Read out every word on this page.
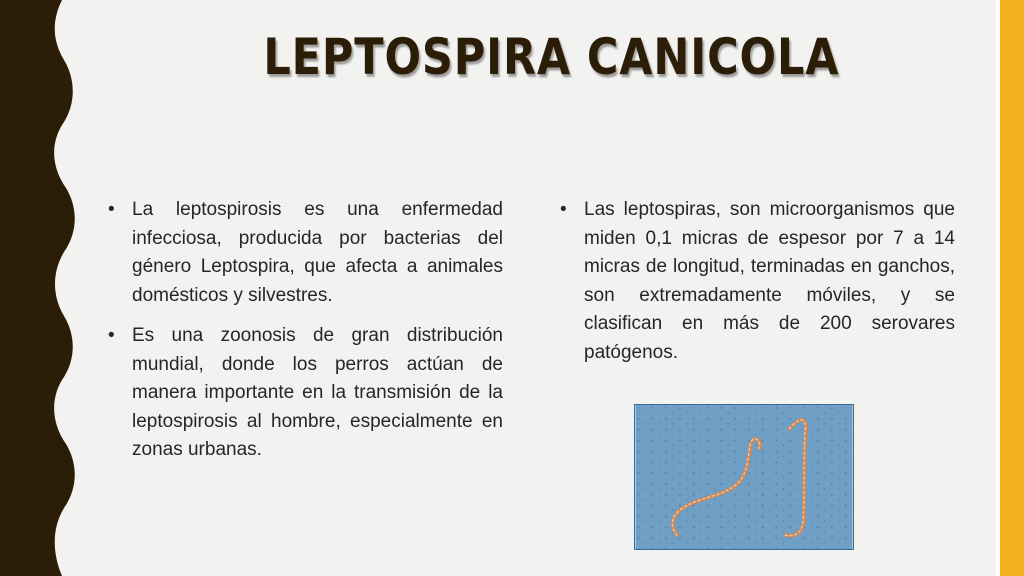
LEPTOSPIRA CANICOLA
• La leptospirosis es una enfermedad infecciosa, producida por bacterias del género Leptospira, que afecta a animales domésticos y silvestres.
• Es una zoonosis de gran distribución mundial, donde los perros actúan de manera importante en la transmisión de la leptospirosis al hombre, especialmente en zonas urbanas.
• Las leptospiras, son microorganismos que miden 0,1 micras de espesor por 7 a 14 micras de longitud, terminadas en ganchos, son extremadamente móviles, y se clasifican en más de 200 serovares patógenos.
